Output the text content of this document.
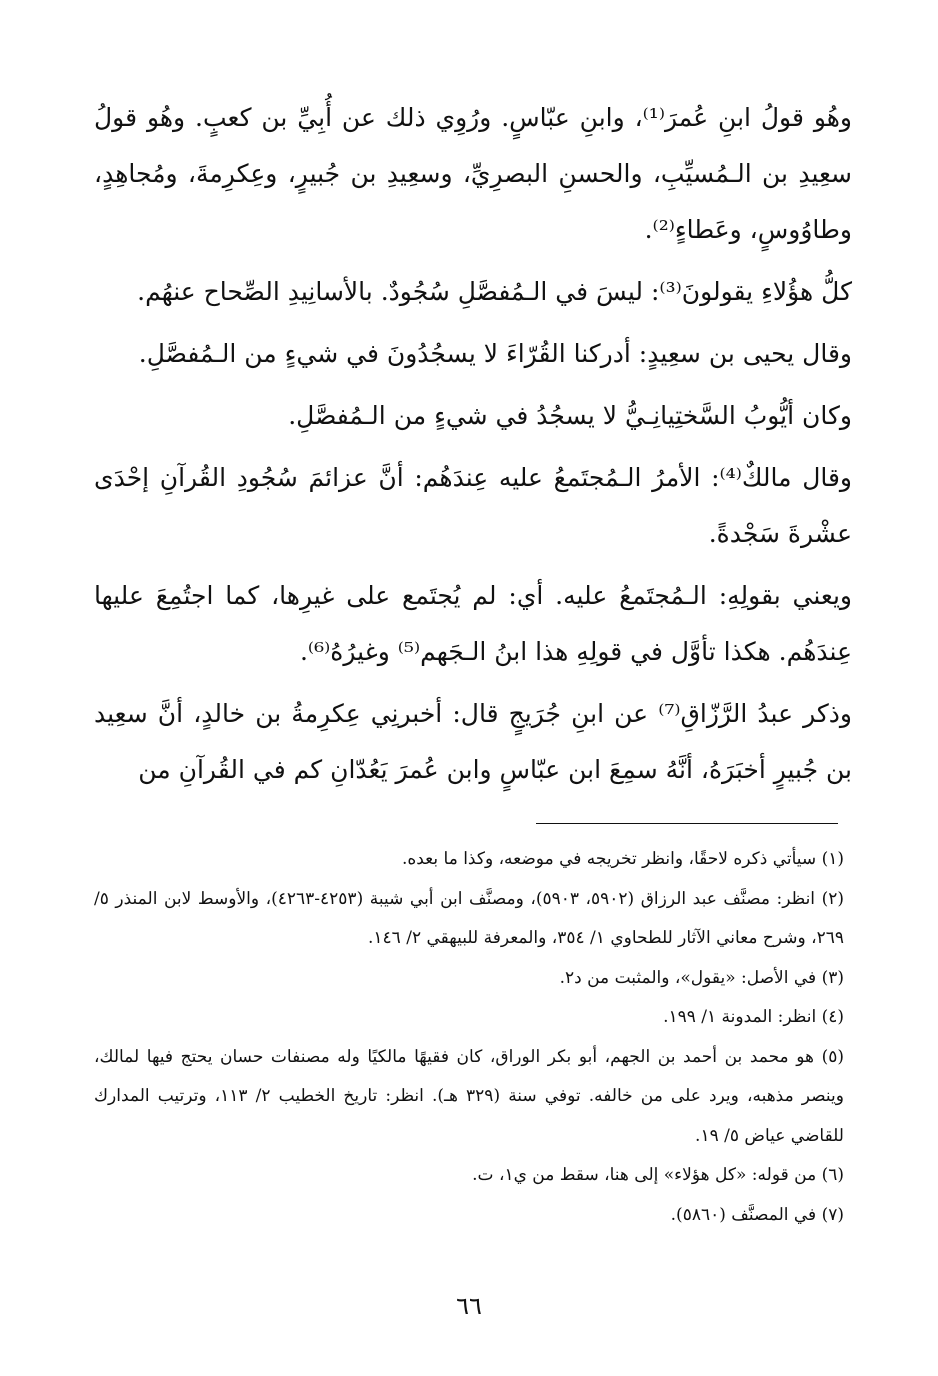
وهُو قولُ ابنِ عُمرَ⁽¹⁾، وابنِ عبّاسٍ. ورُوِي ذلك عن أُبِيِّ بن كعبٍ. وهُو قولُ سعِيدِ بن الـمُسيِّبِ، والحسنِ البصرِيِّ، وسعِيدِ بن جُبيرٍ، وعِكرِمةَ، ومُجاهِدٍ، وطاوُوسٍ، وعَطاءٍ⁽²⁾.

كلُّ هؤُلاءِ يقولونَ⁽³⁾: ليسَ في الـمُفصَّلِ سُجُودٌ. بالأسانِيدِ الصِّحاح عنهُم.

وقال يحيى بن سعِيدٍ: أدركنا القُرّاءَ لا يسجُدُونَ في شيءٍ من الـمُفصَّلِ.

وكان أيُّوبُ السَّختِيانِـيُّ لا يسجُدُ في شيءٍ من الـمُفصَّلِ.

وقال مالكٌ⁽⁴⁾: الأمرُ الـمُجتَمعُ عليه عِندَهُم: أنَّ عزائمَ سُجُودِ القُرآنِ إحْدَى عشْرةَ سَجْدةً.

ويعني بقولِهِ: الـمُجتَمعُ عليه. أي: لم يُجتَمع على غيرِها، كما اجتُمِعَ عليها عِندَهُم. هكذا تأوَّل في قولِهِ هذا ابنُ الـجَهم⁽⁵⁾ وغيرُهُ⁽⁶⁾.

وذكر عبدُ الرَّزّاقِ⁽⁷⁾ عن ابنِ جُرَيجٍ قال: أخبرنِي عِكرِمةُ بن خالدٍ، أنَّ سعِيد بن جُبيرٍ أخبَرَهُ، أنَّهُ سمِعَ ابن عبّاسٍ وابن عُمرَ يَعُدّانِ كم في القُرآنِ من

(١) سيأتي ذكره لاحقًا، وانظر تخريجه في موضعه، وكذا ما بعده.

(٢) انظر: مصنَّف عبد الرزاق (٥٩٠٢، ٥٩٠٣)، ومصنَّف ابن أبي شيبة (٤٢٥٣-٤٢٦٣)، والأوسط لابن المنذر ٥/ ٢٦٩، وشرح معاني الآثار للطحاوي ١/ ٣٥٤، والمعرفة للبيهقي ٢/ ١٤٦.

(٣) في الأصل: «يقول»، والمثبت من د٢.

(٤) انظر: المدونة ١/ ١٩٩.

(٥) هو محمد بن أحمد بن الجهم، أبو بكر الوراق، كان فقيهًا مالكيًا وله مصنفات حسان يحتج فيها لمالك، وينصر مذهبه، ويرد على من خالفه. توفي سنة (٣٢٩ هـ). انظر: تاريخ الخطيب ٢/ ١١٣، وترتيب المدارك للقاضي عياض ٥/ ١٩.

(٦) من قوله: «كل هؤلاء» إلى هنا، سقط من ي١، ت.

(٧) في المصنَّف (٥٨٦٠).

٦٦
